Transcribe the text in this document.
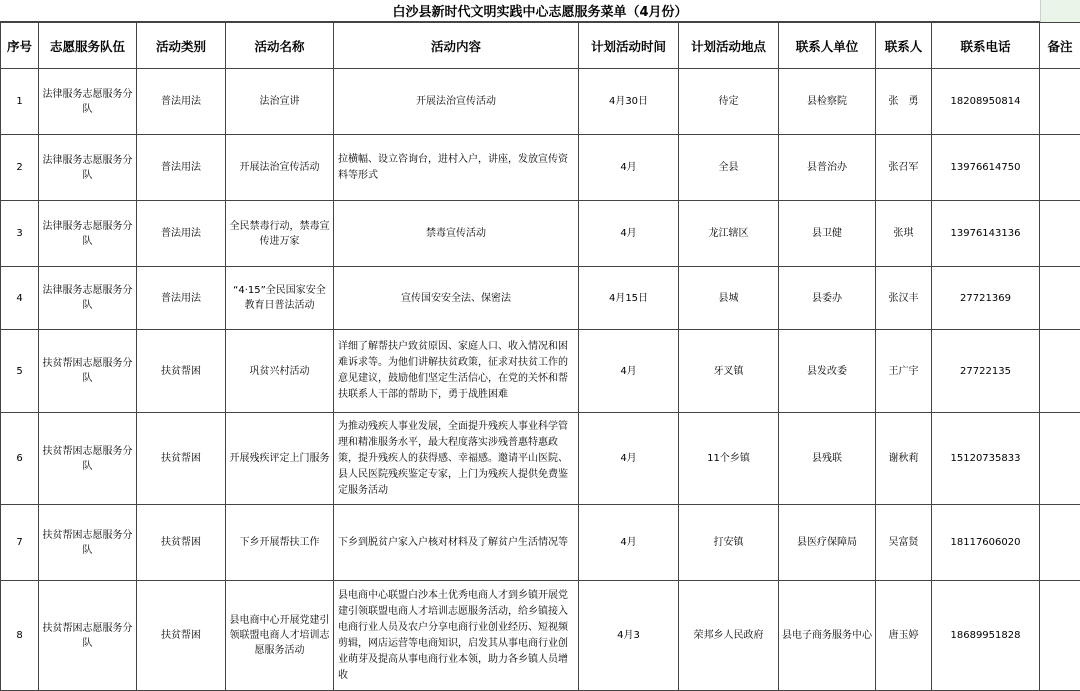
白沙县新时代文明实践中心志愿服务菜单（4月份）
序号	志愿服务队伍	活动类别	活动名称	活动内容	计划活动时间	计划活动地点	联系人单位	联系人	联系电话	备注
1	法律服务志愿服务分队	普法用法	法治宣讲	开展法治宣传活动	4月30日	待定	县检察院	张　勇	18208950814	
2	法律服务志愿服务分队	普法用法	开展法治宣传活动	拉横幅、设立咨询台，进村入户，讲座，发放宣传资料等形式	4月	全县	县普治办	张召军	13976614750	
3	法律服务志愿服务分队	普法用法	全民禁毒行动，禁毒宣传进万家	禁毒宣传活动	4月	龙江辖区	县卫健	张琪	13976143136	
4	法律服务志愿服务分队	普法用法	“4·15”全民国家安全教育日普法活动	宣传国安安全法、保密法	4月15日	县城	县委办	张汉丰	27721369	
5	扶贫帮困志愿服务分队	扶贫帮困	巩贫兴村活动	详细了解帮扶户致贫原因、家庭人口、收入情况和困难诉求等。为他们讲解扶贫政策，征求对扶贫工作的意见建议，鼓励他们坚定生活信心，在党的关怀和帮扶联系人干部的帮助下，勇于战胜困难	4月	牙叉镇	县发改委	王广宇	27722135	
6	扶贫帮困志愿服务分队	扶贫帮困	开展残疾评定上门服务	为推动残疾人事业发展，全面提升残疾人事业科学管理和精准服务水平，最大程度落实涉残普惠特惠政策，提升残疾人的获得感、幸福感。邀请平山医院、县人民医院残疾鉴定专家，上门为残疾人提供免费鉴定服务活动	4月	11个乡镇	县残联	谢秋莉	15120735833	
7	扶贫帮困志愿服务分队	扶贫帮困	下乡开展帮扶工作	下乡到脱贫户家入户核对材料及了解贫户生活情况等	4月	打安镇	县医疗保障局	吴富贤	18117606020	
8	扶贫帮困志愿服务分队	扶贫帮困	县电商中心开展党建引领联盟电商人才培训志愿服务活动	县电商中心联盟白沙本土优秀电商人才到乡镇开展党建引领联盟电商人才培训志愿服务活动，给乡镇接入电商行业人员及农户分享电商行业创业经历、短视频剪辑，网店运营等电商知识，启发其从事电商行业创业萌芽及提高从事电商行业本领，助力各乡镇人员增收	4月3	荣邦乡人民政府	县电子商务服务中心	唐玉婷	18689951828	
